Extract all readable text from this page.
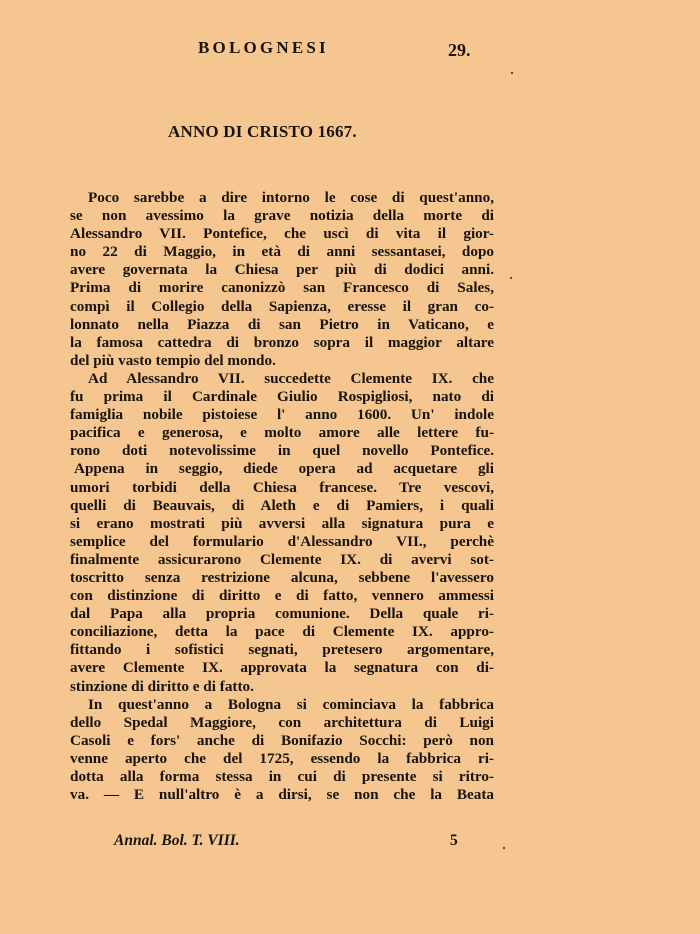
BOLOGNESI	29.
ANNO DI CRISTO 1667.
Poco sarebbe a dire intorno le cose di quest'anno,
se non avessimo la grave notizia della morte di
Alessandro VII. Pontefice, che uscì di vita il gior-
no 22 di Maggio, in età di anni sessantasei, dopo
avere governata la Chiesa per più di dodici anni.
Prima di morire canonizzò san Francesco di Sales,
compì il Collegio della Sapienza, eresse il gran co-
lonnato nella Piazza di san Pietro in Vaticano, e
la famosa cattedra di bronzo sopra il maggior altare
del più vasto tempio del mondo.
Ad Alessandro VII. succedette Clemente IX. che
fu prima il Cardinale Giulio Rospigliosi, nato di
famiglia nobile pistoiese l' anno 1600. Un' indole
pacifica e generosa, e molto amore alle lettere fu-
rono doti notevolissime in quel novello Pontefice.
Appena in seggio, diede opera ad acquetare gli
umori torbidi della Chiesa francese. Tre vescovi,
quelli di Beauvais, di Aleth e di Pamiers, i quali
si erano mostrati più avversi alla signatura pura e
semplice del formulario d'Alessandro VII., perchè
finalmente assicurarono Clemente IX. di avervi sot-
toscritto senza restrizione alcuna, sebbene l'avessero
con distinzione di diritto e di fatto, vennero ammessi
dal Papa alla propria comunione. Della quale ri-
conciliazione, detta la pace di Clemente IX. appro-
fittando i sofistici segnati, pretesero argomentare,
avere Clemente IX. approvata la segnatura con di-
stinzione di diritto e di fatto.
In quest'anno a Bologna si cominciava la fabbrica
dello Spedal Maggiore, con architettura di Luigi
Casoli e fors' anche di Bonifazio Socchi: però non
venne aperto che del 1725, essendo la fabbrica ri-
dotta alla forma stessa in cui di presente si ritro-
va. — E null'altro è a dirsi, se non che la Beata
Annal. Bol. T. VIII.	5
